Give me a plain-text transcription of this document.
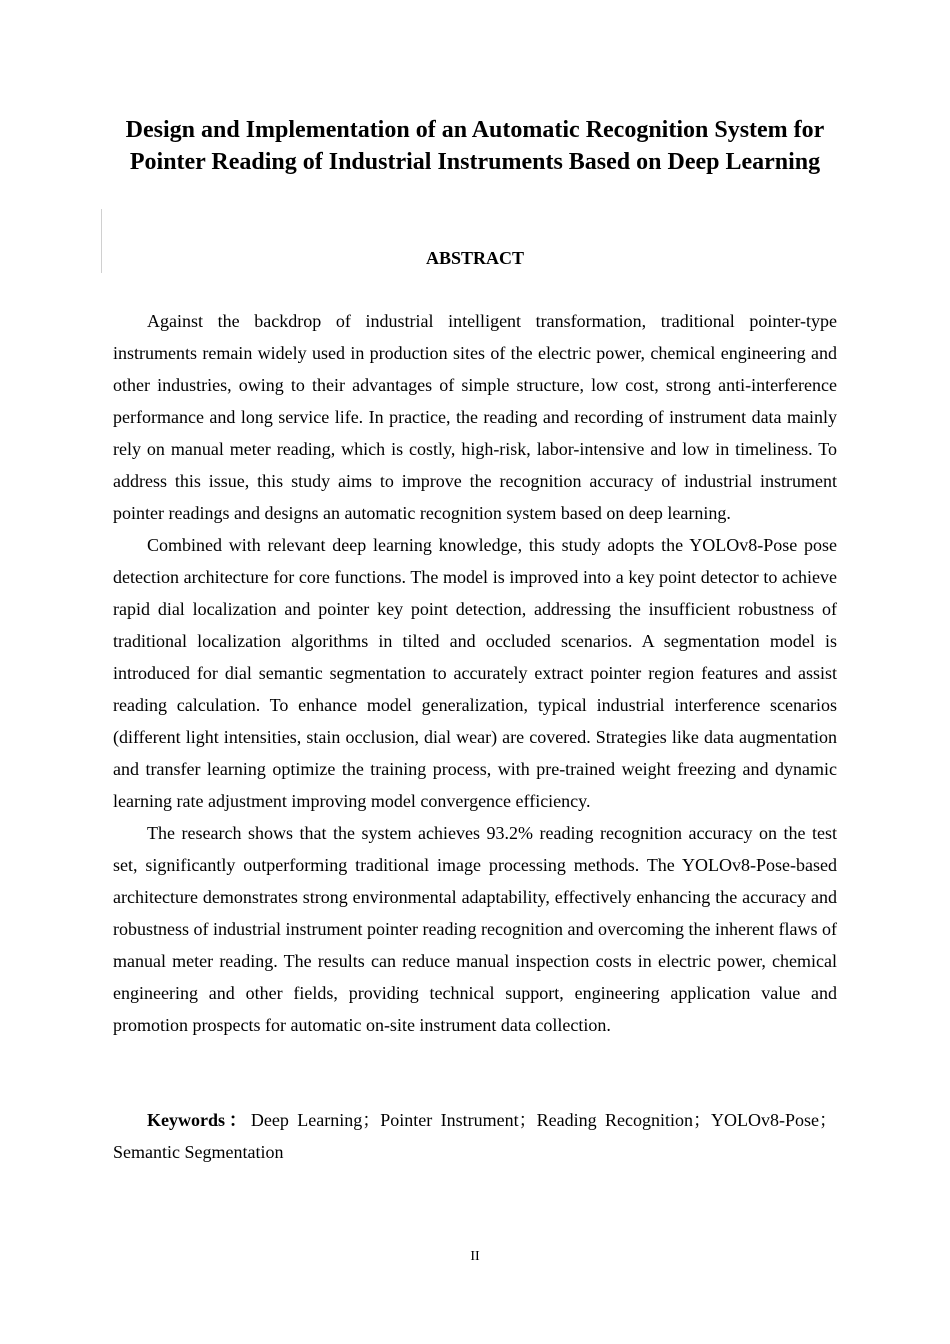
Design and Implementation of an Automatic Recognition System for Pointer Reading of Industrial Instruments Based on Deep Learning
ABSTRACT

Against the backdrop of industrial intelligent transformation, traditional pointer-type instruments remain widely used in production sites of the electric power, chemical engineering and other industries, owing to their advantages of simple structure, low cost, strong anti-interference performance and long service life. In practice, the reading and recording of instrument data mainly rely on manual meter reading, which is costly, high-risk, labor-intensive and low in timeliness. To address this issue, this study aims to improve the recognition accuracy of industrial instrument pointer readings and designs an automatic recognition system based on deep learning.

Combined with relevant deep learning knowledge, this study adopts the YOLOv8-Pose pose detection architecture for core functions. The model is improved into a key point detector to achieve rapid dial localization and pointer key point detection, addressing the insufficient robustness of traditional localization algorithms in tilted and occluded scenarios. A segmentation model is introduced for dial semantic segmentation to accurately extract pointer region features and assist reading calculation. To enhance model generalization, typical industrial interference scenarios (different light intensities, stain occlusion, dial wear) are covered. Strategies like data augmentation and transfer learning optimize the training process, with pre-trained weight freezing and dynamic learning rate adjustment improving model convergence efficiency.

The research shows that the system achieves 93.2% reading recognition accuracy on the test set, significantly outperforming traditional image processing methods. The YOLOv8-Pose-based architecture demonstrates strong environmental adaptability, effectively enhancing the accuracy and robustness of industrial instrument pointer reading recognition and overcoming the inherent flaws of manual meter reading. The results can reduce manual inspection costs in electric power, chemical engineering and other fields, providing technical support, engineering application value and promotion prospects for automatic on-site instrument data collection.

Keywords：Deep Learning；Pointer Instrument；Reading Recognition；YOLOv8-Pose；Semantic Segmentation

II
